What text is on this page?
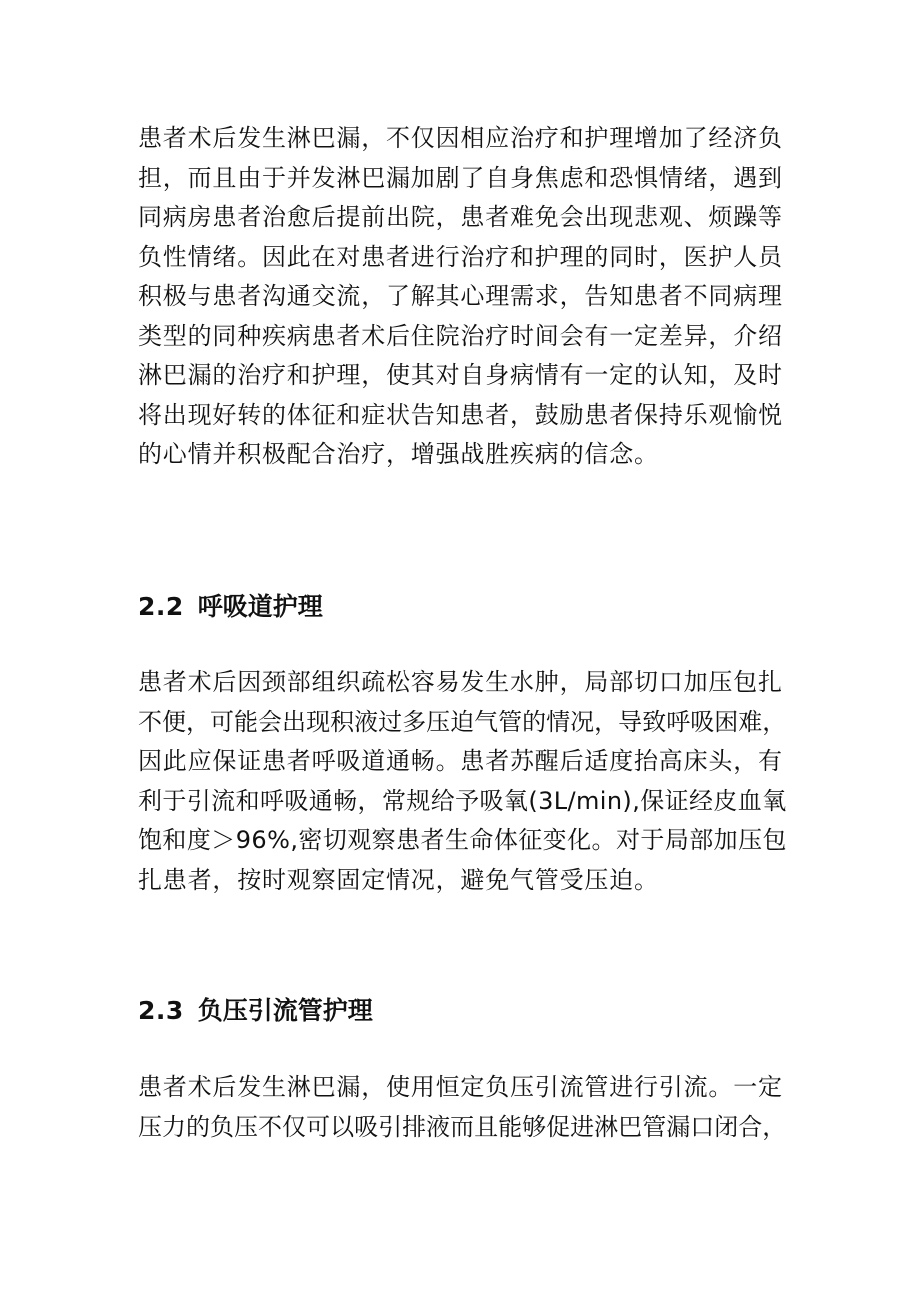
患者术后发生淋巴漏，不仅因相应治疗和护理增加了经济负
担，而且由于并发淋巴漏加剧了自身焦虑和恐惧情绪，遇到
同病房患者治愈后提前出院，患者难免会出现悲观、烦躁等
负性情绪。因此在对患者进行治疗和护理的同时，医护人员
积极与患者沟通交流，了解其心理需求，告知患者不同病理
类型的同种疾病患者术后住院治疗时间会有一定差异，介绍
淋巴漏的治疗和护理，使其对自身病情有一定的认知，及时
将出现好转的体征和症状告知患者，鼓励患者保持乐观愉悦
的心情并积极配合治疗，增强战胜疾病的信念。
2.2 呼吸道护理
患者术后因颈部组织疏松容易发生水肿，局部切口加压包扎
不便，可能会出现积液过多压迫气管的情况，导致呼吸困难，
因此应保证患者呼吸道通畅。患者苏醒后适度抬高床头，有
利于引流和呼吸通畅，常规给予吸氧(3L∕min),保证经皮血氧
饱和度＞96%,密切观察患者生命体征变化。对于局部加压包
扎患者，按时观察固定情况，避免气管受压迫。
2.3 负压引流管护理
患者术后发生淋巴漏，使用恒定负压引流管进行引流。一定
压力的负压不仅可以吸引排液而且能够促进淋巴管漏口闭合，
